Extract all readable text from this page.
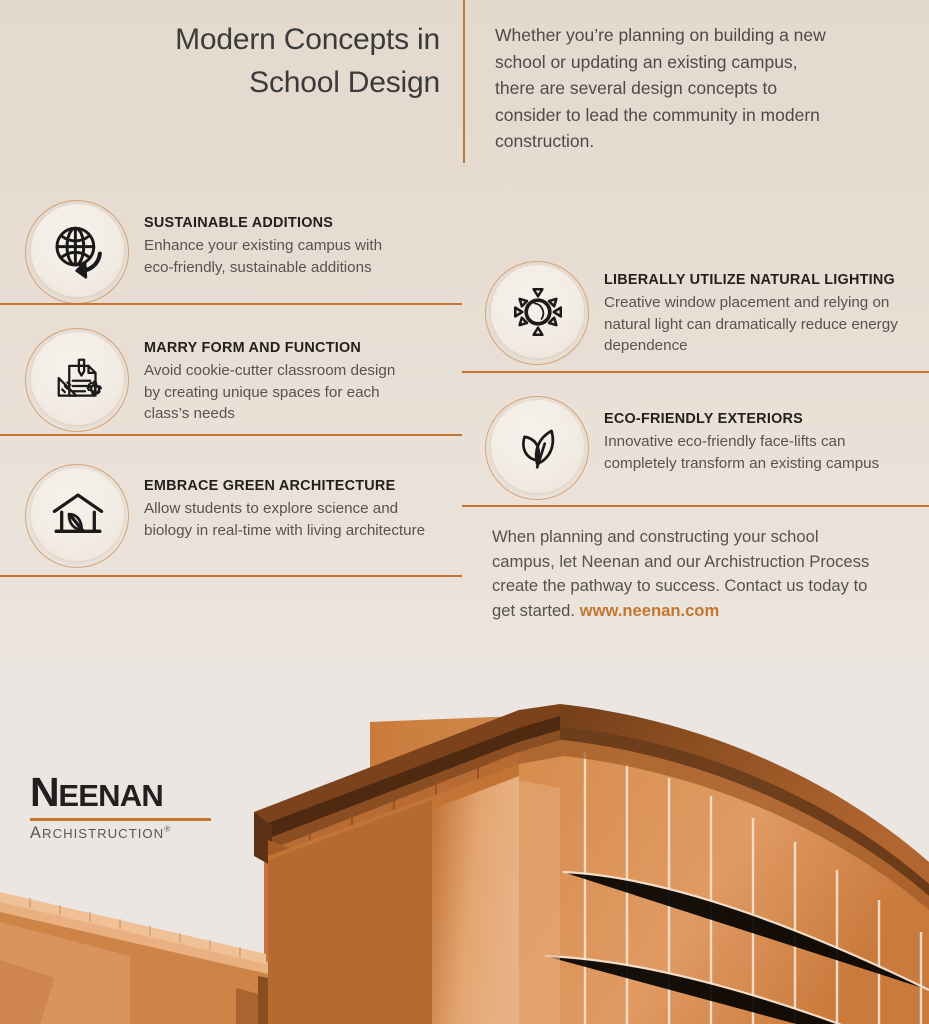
Modern Concepts in
School Design
Whether you’re planning on building a new school or updating an existing campus, there are several design concepts to consider to lead the community in modern construction.

SUSTAINABLE ADDITIONS

Enhance your existing campus with eco-friendly, sustainable additions

MARRY FORM AND FUNCTION

Avoid cookie-cutter classroom design by creating unique spaces for each class’s needs

EMBRACE GREEN ARCHITECTURE

Allow students to explore science and biology in real-time with living architecture

LIBERALLY UTILIZE NATURAL LIGHTING

Creative window placement and relying on natural light can dramatically reduce energy dependence

ECO-FRIENDLY EXTERIORS

Innovative eco-friendly face-lifts can completely transform an existing campus

When planning and constructing your school campus, let Neenan and our Archistruction Process create the pathway to success. Contact us today to get started. www.neenan.com
NEENAN
ARCHISTRUCTION®
